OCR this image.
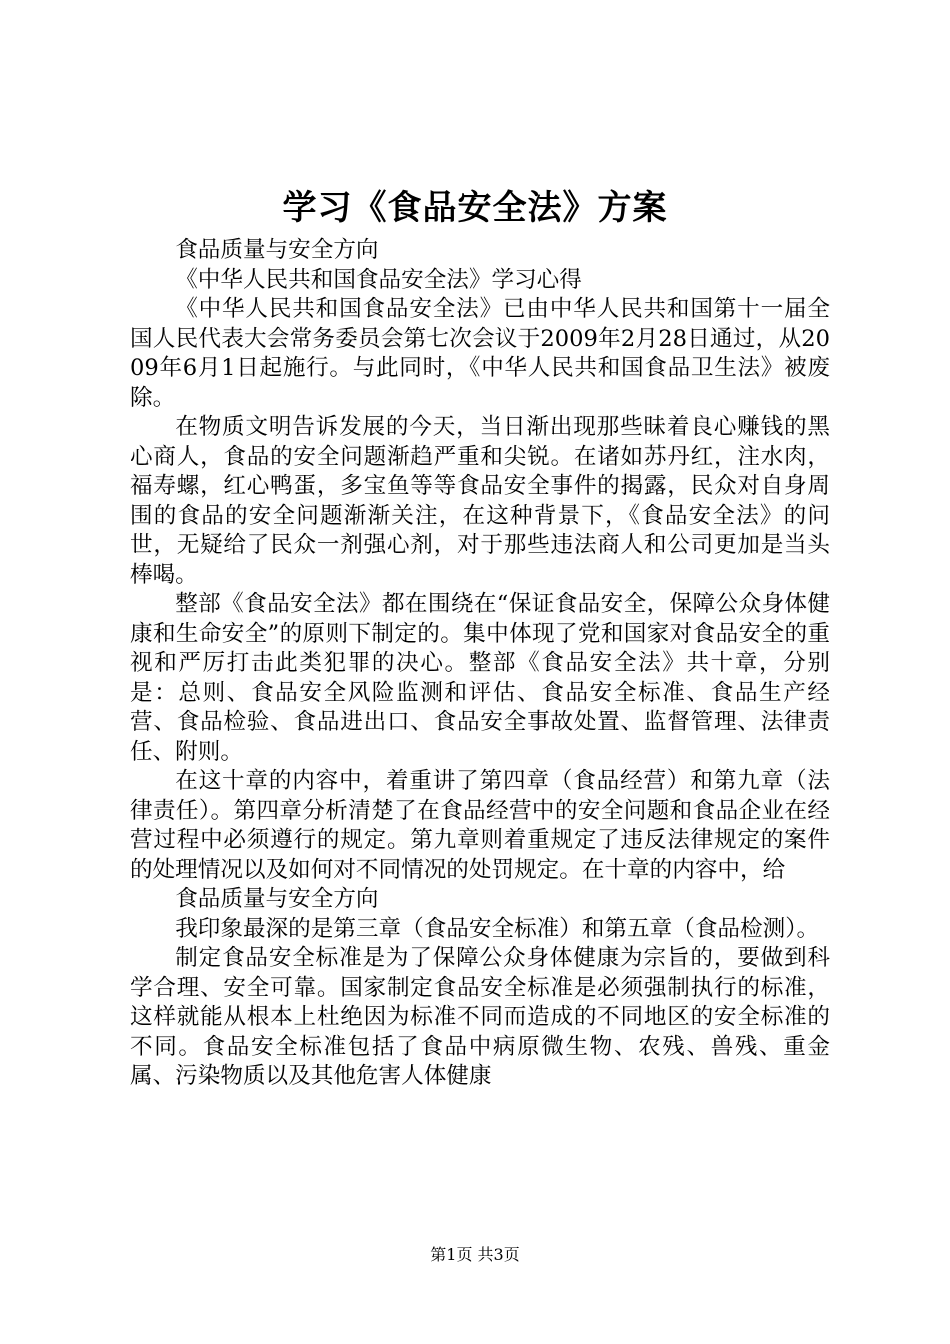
学习《食品安全法》方案

食品质量与安全方向

《中华人民共和国食品安全法》学习心得

《中华人民共和国食品安全法》已由中华人民共和国第十一届全国人民代表大会常务委员会第七次会议于2009年2月28日通过，从2009年6月1日起施行。与此同时，《中华人民共和国食品卫生法》被废除。

在物质文明告诉发展的今天，当日渐出现那些昧着良心赚钱的黑心商人，食品的安全问题渐趋严重和尖锐。在诸如苏丹红，注水肉，福寿螺，红心鸭蛋，多宝鱼等等食品安全事件的揭露，民众对自身周围的食品的安全问题渐渐关注，在这种背景下，《食品安全法》的问世，无疑给了民众一剂强心剂，对于那些违法商人和公司更加是当头棒喝。

整部《食品安全法》都在围绕在“保证食品安全，保障公众身体健康和生命安全”的原则下制定的。集中体现了党和国家对食品安全的重视和严厉打击此类犯罪的决心。整部《食品安全法》共十章，分别是：总则、食品安全风险监测和评估、食品安全标准、食品生产经营、食品检验、食品进出口、食品安全事故处置、监督管理、法律责任、附则。

在这十章的内容中，着重讲了第四章（食品经营）和第九章（法律责任）。第四章分析清楚了在食品经营中的安全问题和食品企业在经营过程中必须遵行的规定。第九章则着重规定了违反法律规定的案件的处理情况以及如何对不同情况的处罚规定。在十章的内容中，给

食品质量与安全方向

我印象最深的是第三章（食品安全标准）和第五章（食品检测）。

制定食品安全标准是为了保障公众身体健康为宗旨的，要做到科学合理、安全可靠。国家制定食品安全标准是必须强制执行的标准，这样就能从根本上杜绝因为标准不同而造成的不同地区的安全标准的不同。食品安全标准包括了食品中病原微生物、农残、兽残、重金属、污染物质以及其他危害人体健康

第1页 共3页
